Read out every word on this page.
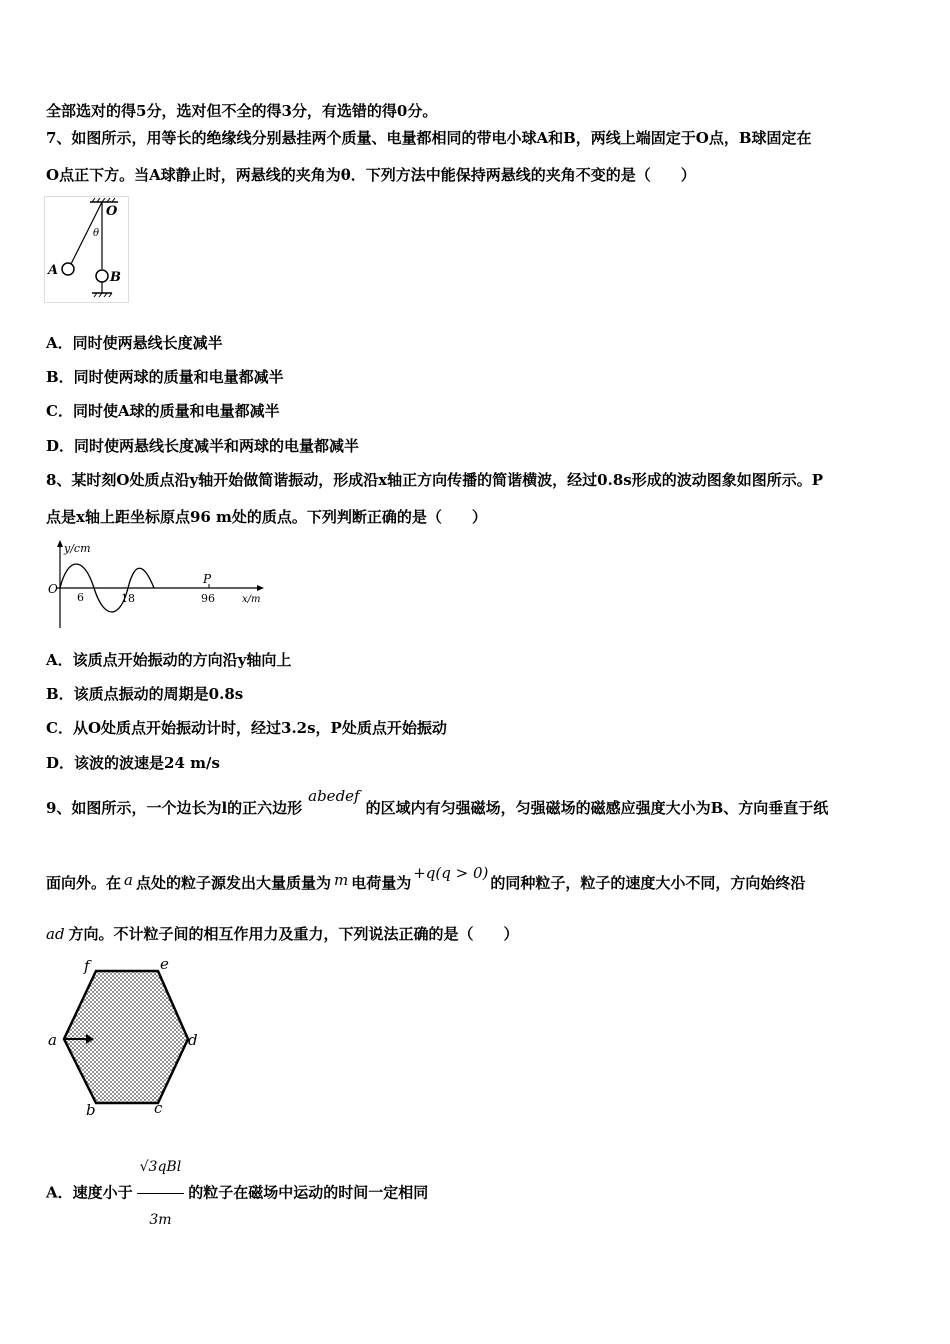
全部选对的得5分，选对但不全的得3分，有选错的得0分。
7、如图所示，用等长的绝缘线分别悬挂两个质量、电量都相同的带电小球A和B，两线上端固定于O点，B球固定在
O点正下方。当A球静止时，两悬线的夹角为θ．下列方法中能保持两悬线的夹角不变的是（　　）
O
θ
A	B
A．同时使两悬线长度减半
B．同时使两球的质量和电量都减半
C．同时使A球的质量和电量都减半
D．同时使两悬线长度减半和两球的电量都减半
8、某时刻O处质点沿y轴开始做简谐振动，形成沿x轴正方向传播的简谐横波，经过0.8s形成的波动图象如图所示。P
点是x轴上距坐标原点96 m处的质点。下列判断正确的是（　　）
y/cm
O
6	18
P
96	x/m
A．该质点开始振动的方向沿y轴向上
B．该质点振动的周期是0.8s
C．从O处质点开始振动计时，经过3.2s，P处质点开始振动
D．该波的波速是24 m/s
9、如图所示，一个边长为l的正六边形abedef的区域内有匀强磁场，匀强磁场的磁感应强度大小为B、方向垂直于纸
面向外。在 a 点处的粒子源发出大量质量为 m 电荷量为+q(q > 0)的同种粒子，粒子的速度大小不同，方向始终沿
ad 方向。不计粒子间的相互作用力及重力，下列说法正确的是（　　）
f	e
a	d
b	c
A．速度小于 $\frac{\text{√3qBl}}{3m}$ 的粒子在磁场中运动的时间一定相同
